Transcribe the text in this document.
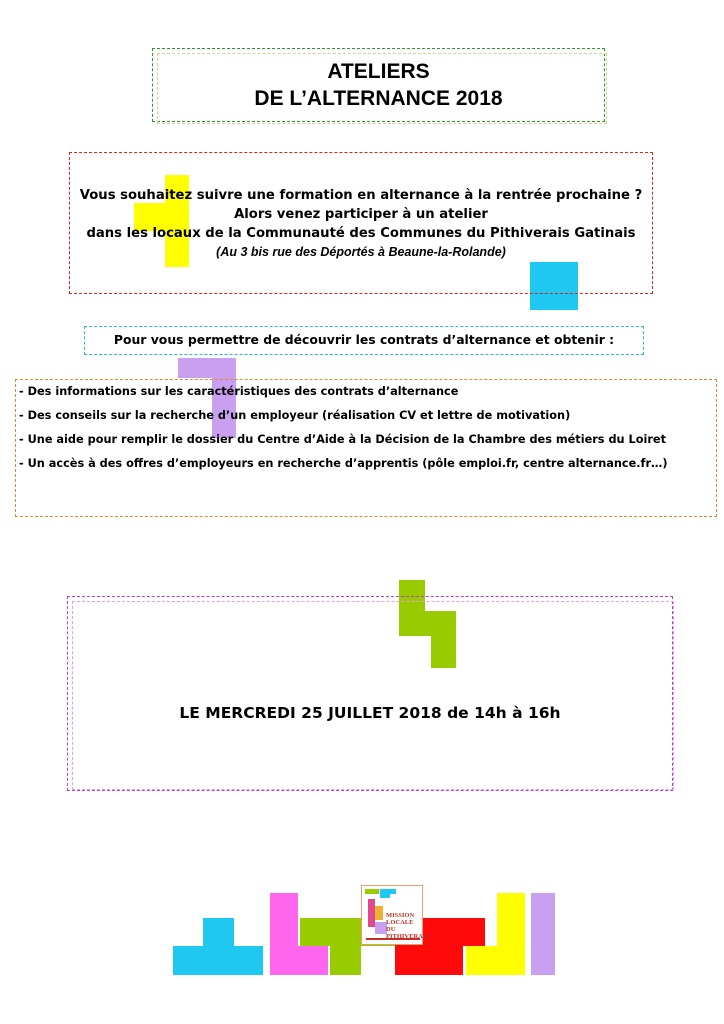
ATELIERS
DE L’ALTERNANCE 2018
Vous souhaitez suivre une formation en alternance à la rentrée prochaine ?
Alors venez participer à un atelier
dans les locaux de la Communauté des Communes du Pithiverais Gatinais
(Au 3 bis rue des Déportés à Beaune-la-Rolande)
Pour vous permettre de découvrir les contrats d’alternance et obtenir :
- Des informations sur les caractéristiques des contrats d’alternance
- Des conseils sur la recherche d’un employeur (réalisation CV et lettre de motivation)
- Une aide pour remplir le dossier du Centre d’Aide à la Décision de la Chambre des métiers du Loiret
- Un accès à des offres d’employeurs en recherche d’apprentis (pôle emploi.fr, centre alternance.fr…)
LE MERCREDI 25 JUILLET 2018 de 14h à 16h
MISSION
LOCALE DU
PITHIVERAIS
